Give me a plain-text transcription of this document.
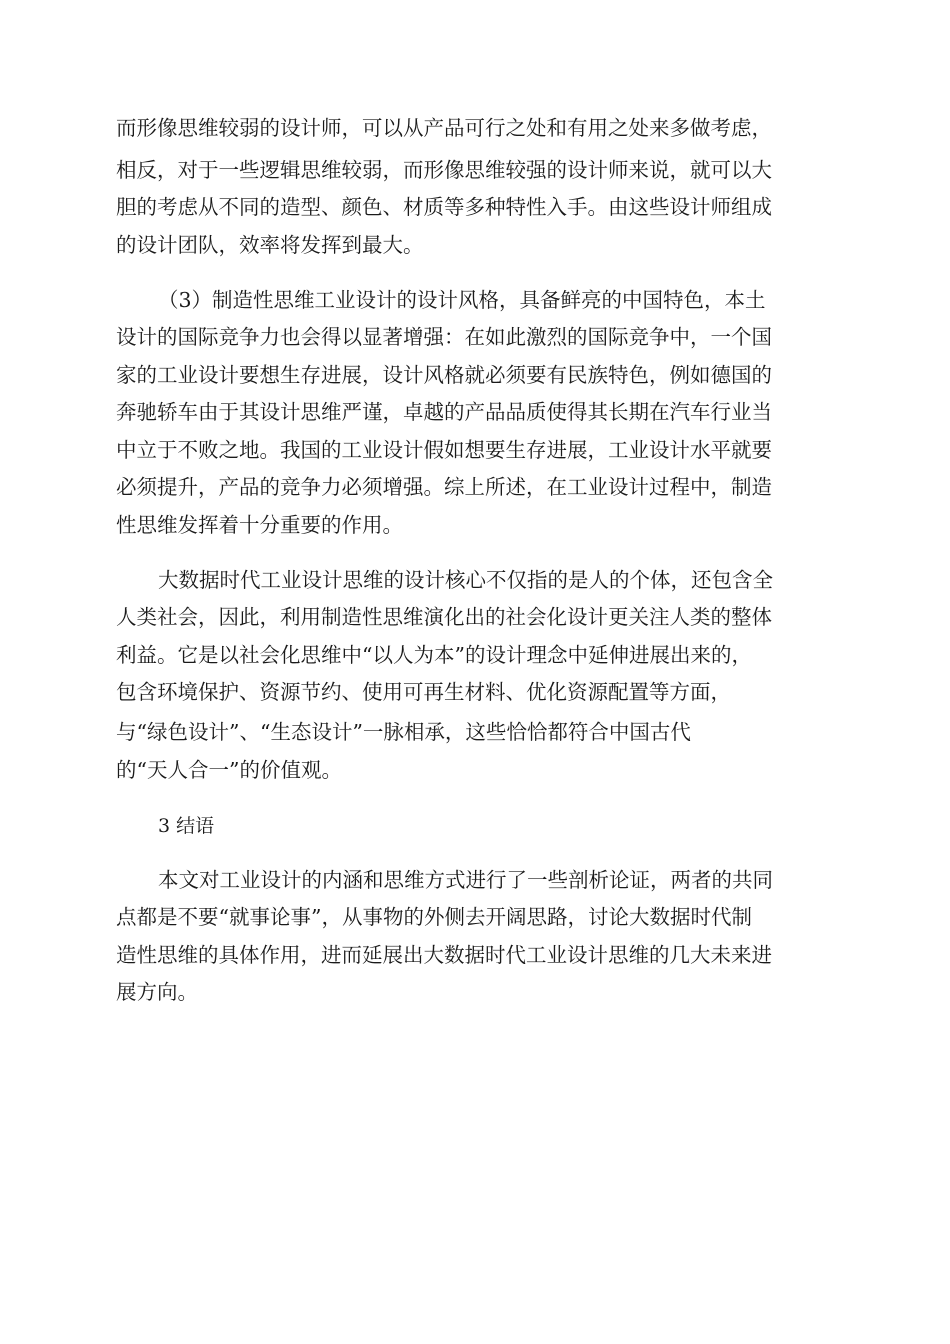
而形像思维较弱的设计师，可以从产品可行之处和有用之处来多做考虑，

相反，对于一些逻辑思维较弱，而形像思维较强的设计师来说，就可以大

胆的考虑从不同的造型、颜色、材质等多种特性入手。由这些设计师组成

的设计团队，效率将发挥到最大。

（3）制造性思维工业设计的设计风格，具备鲜亮的中国特色，本土

设计的国际竞争力也会得以显著增强：在如此激烈的国际竞争中，一个国

家的工业设计要想生存进展，设计风格就必须要有民族特色，例如德国的

奔驰轿车由于其设计思维严谨，卓越的产品品质使得其长期在汽车行业当

中立于不败之地。我国的工业设计假如想要生存进展，工业设计水平就要

必须提升，产品的竞争力必须增强。综上所述，在工业设计过程中，制造

性思维发挥着十分重要的作用。

大数据时代工业设计思维的设计核心不仅指的是人的个体，还包含全

人类社会，因此，利用制造性思维演化出的社会化设计更关注人类的整体

利益。它是以社会化思维中“以人为本”的设计理念中延伸进展出来的，

包含环境保护、资源节约、使用可再生材料、优化资源配置等方面，

与“绿色设计”、“生态设计”一脉相承，这些恰恰都符合中国古代

的“天人合一”的价值观。

3 结语

本文对工业设计的内涵和思维方式进行了一些剖析论证，两者的共同

点都是不要“就事论事”，从事物的外侧去开阔思路，讨论大数据时代制

造性思维的具体作用，进而延展出大数据时代工业设计思维的几大未来进

展方向。
